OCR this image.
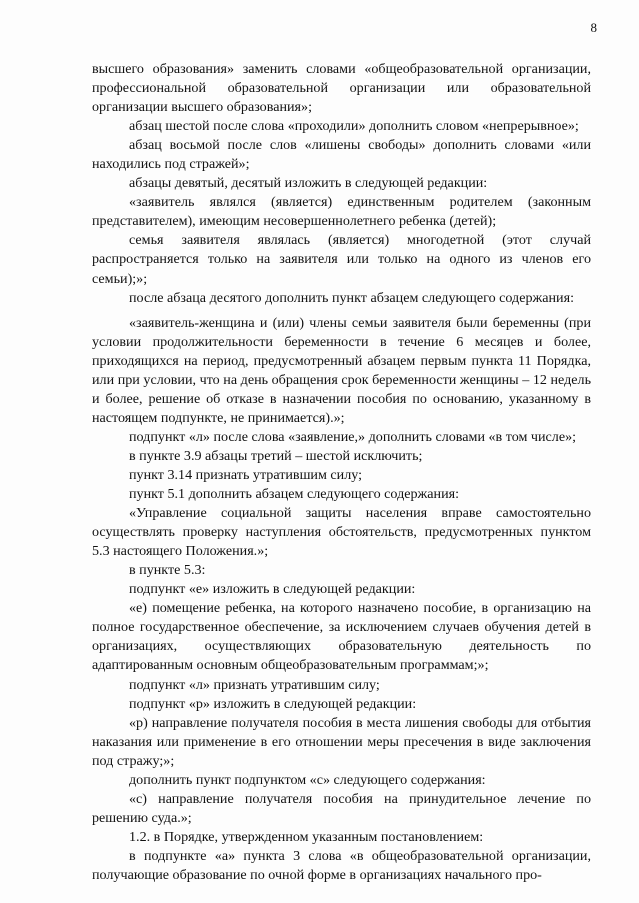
8

высшего образования» заменить словами «общеобразовательной организации, профессиональной образовательной организации или образовательной организации высшего образования»;

абзац шестой после слова «проходили» дополнить словом «непрерывное»;

абзац восьмой после слов «лишены свободы» дополнить словами «или находились под стражей»;

абзацы девятый, десятый изложить в следующей редакции:

«заявитель являлся (является) единственным родителем (законным представителем), имеющим несовершеннолетнего ребенка (детей);

семья заявителя являлась (является) многодетной (этот случай распространяется только на заявителя или только на одного из членов его семьи);»;

после абзаца десятого дополнить пункт абзацем следующего содержания:

«заявитель-женщина и (или) члены семьи заявителя были беременны (при условии продолжительности беременности в течение 6 месяцев и более, приходящихся на период, предусмотренный абзацем первым пункта 11 Порядка, или при условии, что на день обращения срок беременности женщины – 12 недель и более, решение об отказе в назначении пособия по основанию, указанному в настоящем подпункте, не принимается).»;

подпункт «л» после слова «заявление,» дополнить словами «в том числе»;

в пункте 3.9 абзацы третий – шестой исключить;

пункт 3.14 признать утратившим силу;

пункт 5.1 дополнить абзацем следующего содержания:

«Управление социальной защиты населения вправе самостоятельно осуществлять проверку наступления обстоятельств, предусмотренных пунктом 5.3 настоящего Положения.»;

в пункте 5.3:

подпункт «е» изложить в следующей редакции:

«е) помещение ребенка, на которого назначено пособие, в организацию на полное государственное обеспечение, за исключением случаев обучения детей в организациях, осуществляющих образовательную деятельность по адаптированным основным общеобразовательным программам;»;

подпункт «л» признать утратившим силу;

подпункт «р» изложить в следующей редакции:

«р) направление получателя пособия в места лишения свободы для отбытия наказания или применение в его отношении меры пресечения в виде заключения под стражу;»;

дополнить пункт подпунктом «с» следующего содержания:

«с) направление получателя пособия на принудительное лечение по решению суда.»;

1.2. в Порядке, утвержденном указанным постановлением:

в подпункте «а» пункта 3 слова «в общеобразовательной организации, получающие образование по очной форме в организациях начального про-
